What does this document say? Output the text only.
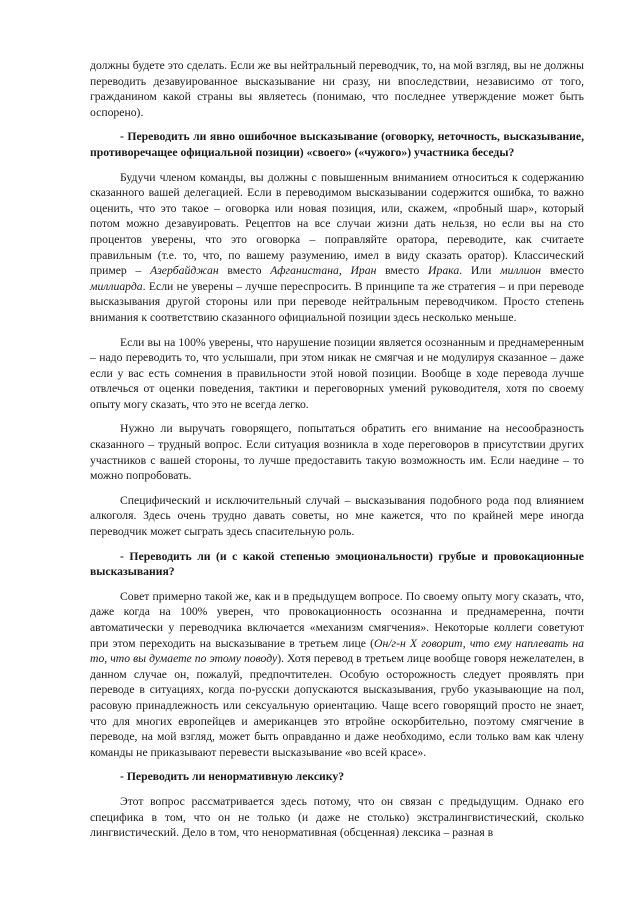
должны будете это сделать. Если же вы нейтральный переводчик, то, на мой взгляд, вы не должны переводить дезавуированное высказывание ни сразу, ни впоследствии, независимо от того, гражданином какой страны вы являетесь (понимаю, что последнее утверждение может быть оспорено).

- Переводить ли явно ошибочное высказывание (оговорку, неточность, высказывание, противоречащее официальной позиции) «своего» («чужого») участника беседы?

Будучи членом команды, вы должны с повышенным вниманием относиться к содержанию сказанного вашей делегацией. Если в переводимом высказывании содержится ошибка, то важно оценить, что это такое – оговорка или новая позиция, или, скажем, «пробный шар», который потом можно дезавуировать. Рецептов на все случаи жизни дать нельзя, но если вы на сто процентов уверены, что это оговорка – поправляйте оратора, переводите, как считаете правильным (т.е. то, что, по вашему разумению, имел в виду сказать оратор). Классический пример – Азербайджан вместо Афганистана, Иран вместо Ирака. Или миллион вместо миллиарда. Если не уверены – лучше переспросить. В принципе та же стратегия – и при переводе высказывания другой стороны или при переводе нейтральным переводчиком. Просто степень внимания к соответствию сказанного официальной позиции здесь несколько меньше.

Если вы на 100% уверены, что нарушение позиции является осознанным и преднамеренным – надо переводить то, что услышали, при этом никак не смягчая и не модулируя сказанное – даже если у вас есть сомнения в правильности этой новой позиции. Вообще в ходе перевода лучше отвлечься от оценки поведения, тактики и переговорных умений руководителя, хотя по своему опыту могу сказать, что это не всегда легко.

Нужно ли выручать говорящего, попытаться обратить его внимание на несообразность сказанного – трудный вопрос. Если ситуация возникла в ходе переговоров в присутствии других участников с вашей стороны, то лучше предоставить такую возможность им. Если наедине – то можно попробовать.

Специфический и исключительный случай – высказывания подобного рода под влиянием алкоголя. Здесь очень трудно давать советы, но мне кажется, что по крайней мере иногда переводчик может сыграть здесь спасительную роль.

- Переводить ли (и с какой степенью эмоциональности) грубые и провокационные высказывания?

Совет примерно такой же, как и в предыдущем вопросе. По своему опыту могу сказать, что, даже когда на 100% уверен, что провокационность осознанна и преднамеренна, почти автоматически у переводчика включается «механизм смягчения». Некоторые коллеги советуют при этом переходить на высказывание в третьем лице (Он/г-н Х говорит, что ему наплевать на то, что вы думаете по этому поводу). Хотя перевод в третьем лице вообще говоря нежелателен, в данном случае он, пожалуй, предпочтителен. Особую осторожность следует проявлять при переводе в ситуациях, когда по-русски допускаются высказывания, грубо указывающие на пол, расовую принадлежность или сексуальную ориентацию. Чаще всего говорящий просто не знает, что для многих европейцев и американцев это втройне оскорбительно, поэтому смягчение в переводе, на мой взгляд, может быть оправданно и даже необходимо, если только вам как члену команды не приказывают перевести высказывание «во всей красе».

- Переводить ли ненормативную лексику?

Этот вопрос рассматривается здесь потому, что он связан с предыдущим. Однако его специфика в том, что он не только (и даже не столько) экстралингвистический, сколько лингвистический. Дело в том, что ненормативная (обсценная) лексика – разная в
